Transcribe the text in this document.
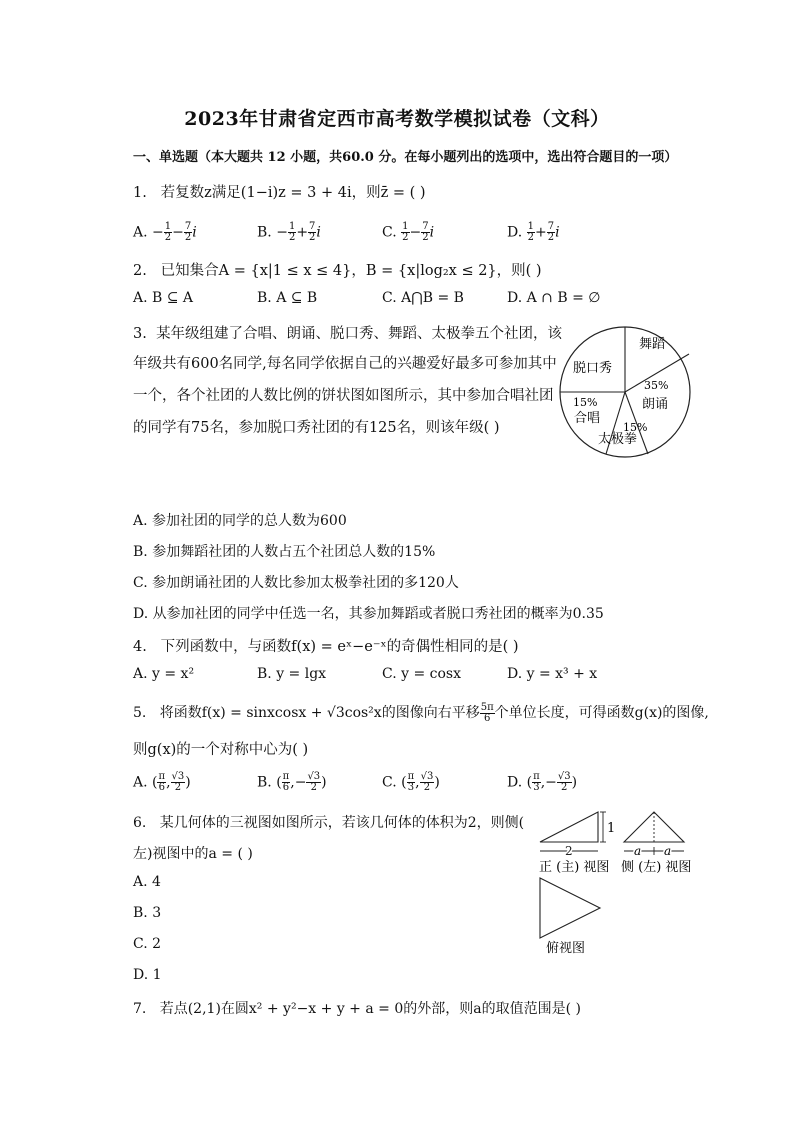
2023年甘肃省定西市高考数学模拟试卷（文科）
一、单选题（本大题共 12 小题，共60.0 分。在每小题列出的选项中，选出符合题目的一项）
1. 若复数z满足(1−i)z = 3 + 4i，则z̄ = ( )
A. − $\frac{1}{2} - \frac{7}{2}$ i	B. − $\frac{1}{2} + \frac{7}{2}$ i	C. $\frac{1}{2} - \frac{7}{2}$ i	D. $\frac{1}{2} + \frac{7}{2}$ i
2. 已知集合A = {x|1 ≤ x ≤ 4}，B = {x|log₂x ≤ 2}，则( )
A. B ⊆ A	B. A ⊆ B	C. A⋂B = B	D. A ∩ B = ∅
3. 某年级组建了合唱、朗诵、脱口秀、舞蹈、太极拳五个社团，该
年级共有600名同学,每名同学依据自己的兴趣爱好最多可参加其中
一个，各个社团的人数比例的饼状图如图所示，其中参加合唱社团
的同学有75名，参加脱口秀社团的有125名，则该年级( )
舞蹈
35%
朗诵
15%
太极拳
15%
合唱
脱口秀
A. 参加社团的同学的总人数为600
B. 参加舞蹈社团的人数占五个社团总人数的15%
C. 参加朗诵社团的人数比参加太极拳社团的多120人
D. 从参加社团的同学中任选一名，其参加舞蹈或者脱口秀社团的概率为0.35
4. 下列函数中，与函数f(x) = eˣ−e⁻ˣ的奇偶性相同的是( )
A. y = x²	B. y = lgx	C. y = cosx	D. y = x³ + x
5. 将函数f(x) = sinxcosx + √3cos²x的图像向右平移 $\frac{5\pi}{6}$ 个单位长度，可得函数g(x)的图像,
则g(x)的一个对称中心为( )
A. ( $\frac{\pi}{6}$ , $\frac{√3}{2}$ )	B. ( $\frac{\pi}{6}$ ,− $\frac{√3}{2}$ )	C. ( $\frac{\pi}{3}$ , $\frac{√3}{2}$ )	D. ( $\frac{\pi}{3}$ ,− $\frac{√3}{2}$ )
6. 某几何体的三视图如图所示，若该几何体的体积为2，则侧(
左)视图中的a = ( )
A. 4
B. 3
C. 2
D. 1
1
2
正 (主) 视图
a a
侧 (左) 视图
俯视图
7. 若点(2,1)在圆x² + y²−x + y + a = 0的外部，则a的取值范围是( )
